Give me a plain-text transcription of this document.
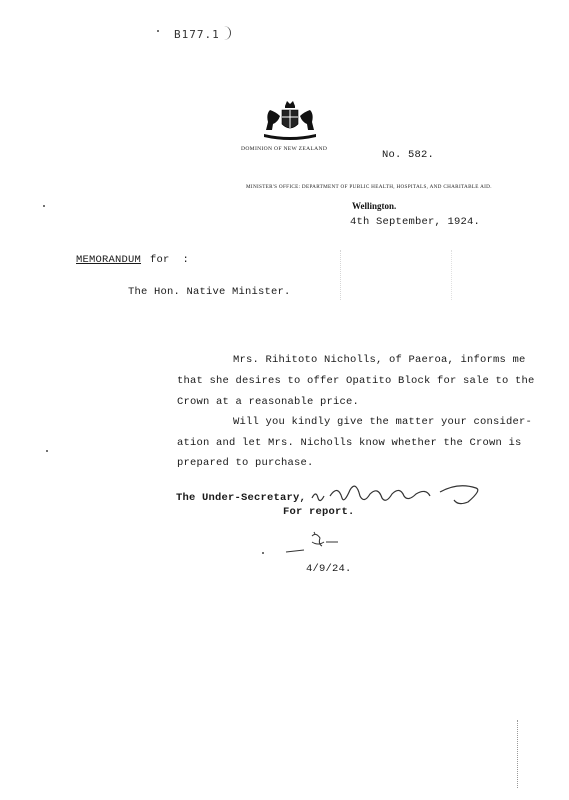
B177.1
DOMINION OF NEW ZEALAND	No. 582.
MINISTER'S OFFICE: DEPARTMENT OF PUBLIC HEALTH, HOSPITALS, AND CHARITABLE AID.
Wellington.
4th September, 1924.
MEMORANDUM for  :
The Hon. Native Minister.
Mrs. Rihitoto Nicholls, of Paeroa, informs me
that she desires to offer Opatito Block for sale to the
Crown at a reasonable price.
Will you kindly give the matter your consider-
ation and let Mrs. Nicholls know whether the Crown is
prepared to purchase.
The Under-Secretary,
For report.
4/9/24.
